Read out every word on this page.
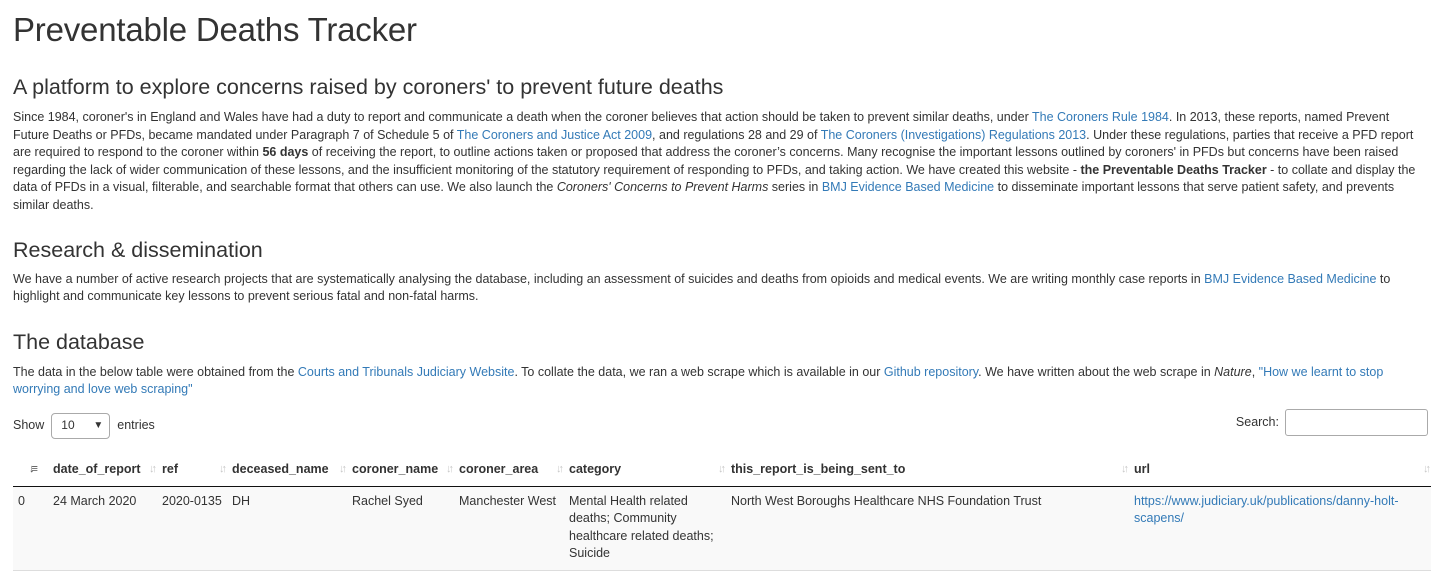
Preventable Deaths Tracker
A platform to explore concerns raised by coroners' to prevent future deaths

Since 1984, coroner's in England and Wales have had a duty to report and communicate a death when the coroner believes that action should be taken to prevent similar deaths, under The Coroners Rule 1984. In 2013, these reports, named Prevent Future Deaths or PFDs, became mandated under Paragraph 7 of Schedule 5 of The Coroners and Justice Act 2009, and regulations 28 and 29 of The Coroners (Investigations) Regulations 2013. Under these regulations, parties that receive a PFD report are required to respond to the coroner within 56 days of receiving the report, to outline actions taken or proposed that address the coroner’s concerns. Many recognise the important lessons outlined by coroners' in PFDs but concerns have been raised regarding the lack of wider communication of these lessons, and the insufficient monitoring of the statutory requirement of responding to PFDs, and taking action. We have created this website - the Preventable Deaths Tracker - to collate and display the data of PFDs in a visual, filterable, and searchable format that others can use. We also launch the Coroners' Concerns to Prevent Harms series in BMJ Evidence Based Medicine to disseminate important lessons that serve patient safety, and prevents similar deaths.

Research & dissemination

We have a number of active research projects that are systematically analysing the database, including an assessment of suicides and deaths from opioids and medical events. We are writing monthly case reports in BMJ Evidence Based Medicine to highlight and communicate key lessons to prevent serious fatal and non-fatal harms.

The database

The data in the below table were obtained from the Courts and Tribunals Judiciary Website. To collate the data, we ran a web scrape which is available in our Github repository. We have written about the web scrape in Nature, "How we learnt to stop worrying and love web scraping"

Show 10 ▼ entries	Search:
↓≡	date_of_report ↓↑	ref ↓↑	deceased_name ↓↑	coroner_name ↓↑	coroner_area ↓↑	category ↓↑	this_report_is_being_sent_to ↓↑	url ↓↑

0	24 March 2020	2020-0135	DH	Rachel Syed	Manchester West	Mental Health related deaths; Community healthcare related deaths; Suicide	North West Boroughs Healthcare NHS Foundation Trust	https://www.judiciary.uk/publications/danny-holt-scapens/
